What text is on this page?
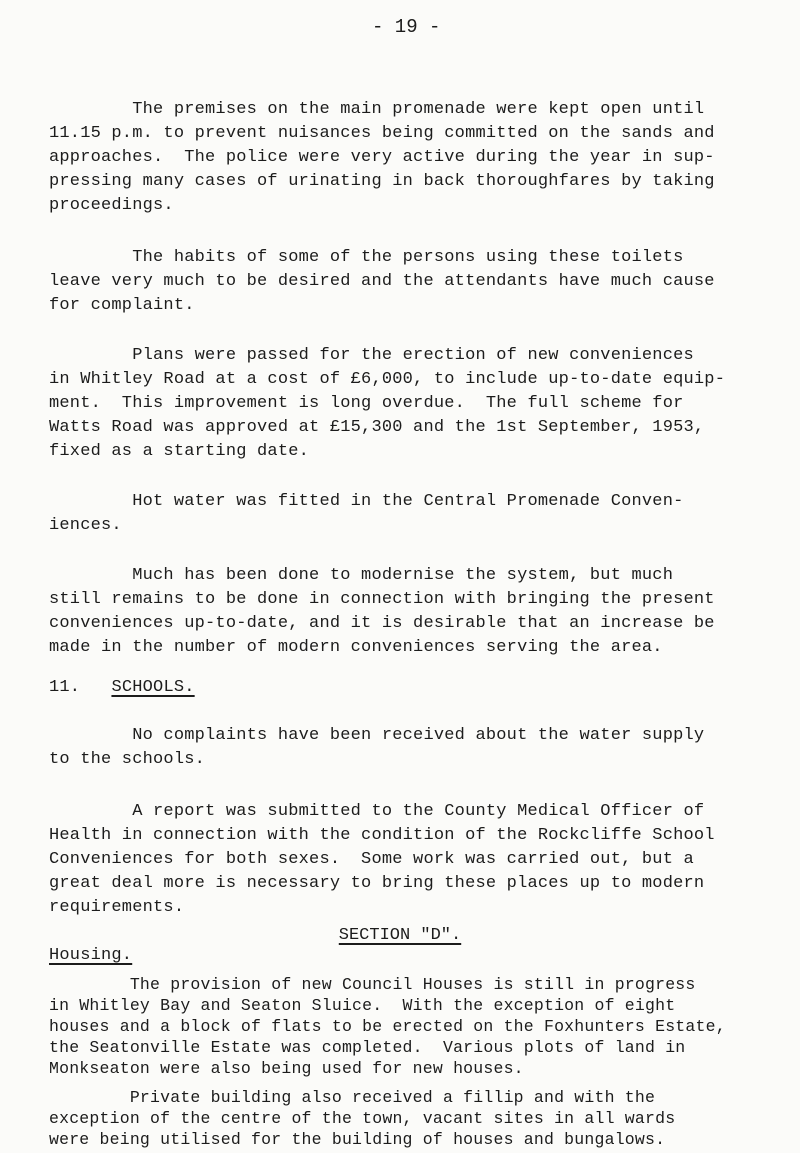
- 19 -

The premises on the main promenade were kept open until
11.15 p.m. to prevent nuisances being committed on the sands and
approaches.  The police were very active during the year in sup-
pressing many cases of urinating in back thoroughfares by taking
proceedings.

The habits of some of the persons using these toilets
leave very much to be desired and the attendants have much cause
for complaint.

Plans were passed for the erection of new conveniences
in Whitley Road at a cost of £6,000, to include up-to-date equip-
ment.  This improvement is long overdue.  The full scheme for
Watts Road was approved at £15,300 and the 1st September, 1953,
fixed as a starting date.

Hot water was fitted in the Central Promenade Conven-
iences.

Much has been done to modernise the system, but much
still remains to be done in connection with bringing the present
conveniences up-to-date, and it is desirable that an increase be
made in the number of modern conveniences serving the area.

11. SCHOOLS.

No complaints have been received about the water supply
to the schools.

A report was submitted to the County Medical Officer of
Health in connection with the condition of the Rockcliffe School
Conveniences for both sexes.  Some work was carried out, but a
great deal more is necessary to bring these places up to modern
requirements.

SECTION "D".
Housing.

The provision of new Council Houses is still in progress
in Whitley Bay and Seaton Sluice.  With the exception of eight
houses and a block of flats to be erected on the Foxhunters Estate,
the Seatonville Estate was completed.  Various plots of land in
Monkseaton were also being used for new houses.

Private building also received a fillip and with the
exception of the centre of the town, vacant sites in all wards
were being utilised for the building of houses and bungalows.
